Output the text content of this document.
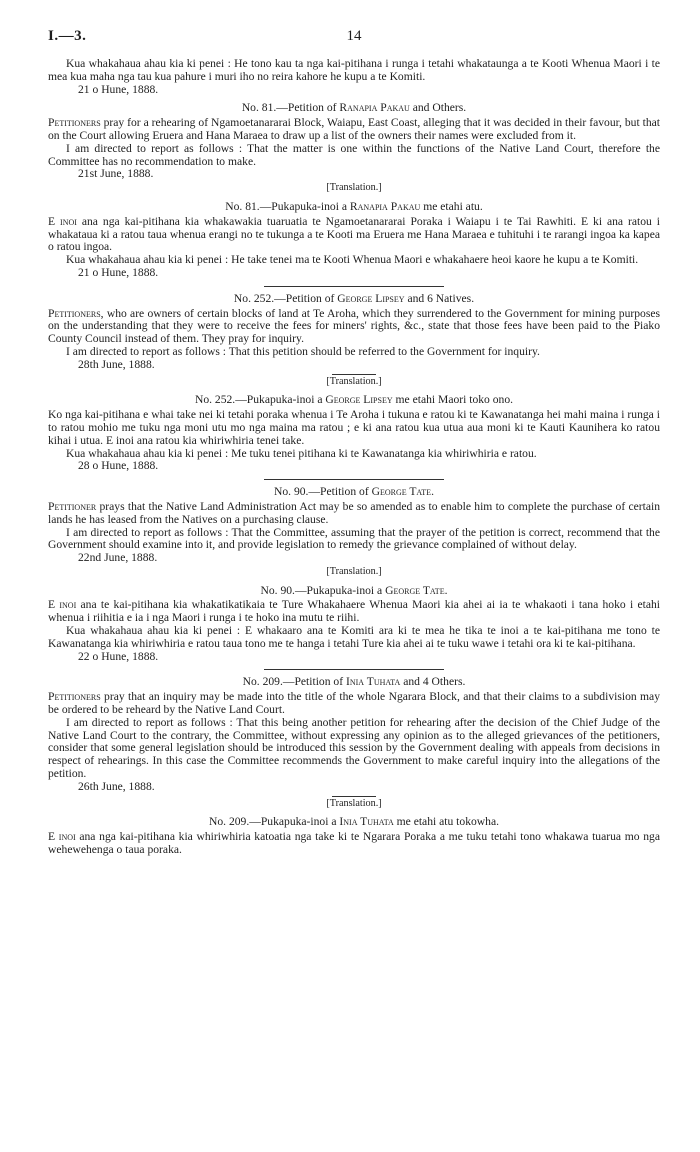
I.—3.	14

Kua whakahaua ahau kia ki penei : He tono kau ta nga kai-pitihana i runga i tetahi whakataunga a te Kooti Whenua Maori i te mea kua maha nga tau kua pahure i muri iho no reira kahore he kupu a te Komiti.

21 o Hune, 1888.

No. 81.—Petition of Ranapia Pakau and Others.

Petitioners pray for a rehearing of Ngamoetanararai Block, Waiapu, East Coast, alleging that it was decided in their favour, but that on the Court allowing Eruera and Hana Maraea to draw up a list of the owners their names were excluded from it.

I am directed to report as follows : That the matter is one within the functions of the Native Land Court, therefore the Committee has no recommendation to make.

21st June, 1888.

[Translation.]
No. 81.—Pukapuka-inoi a Ranapia Pakau me etahi atu.

E inoi ana nga kai-pitihana kia whakawakia tuaruatia te Ngamoetanararai Poraka i Waiapu i te Tai Rawhiti. E ki ana ratou i whakataua ki a ratou taua whenua erangi no te tukunga a te Kooti ma Eruera me Hana Maraea e tuhituhi i te rarangi ingoa ka kapea o ratou ingoa.

Kua whakahaua ahau kia ki penei : He take tenei ma te Kooti Whenua Maori e whakahaere heoi kaore he kupu a te Komiti.

21 o Hune, 1888.

No. 252.—Petition of George Lipsey and 6 Natives.

Petitioners, who are owners of certain blocks of land at Te Aroha, which they surrendered to the Government for mining purposes on the understanding that they were to receive the fees for miners' rights, &c., state that those fees have been paid to the Piako County Council instead of them. They pray for inquiry.

I am directed to report as follows : That this petition should be referred to the Government for inquiry.

28th June, 1888.

[Translation.]
No. 252.—Pukapuka-inoi a George Lipsey me etahi Maori toko ono.

Ko nga kai-pitihana e whai take nei ki tetahi poraka whenua i Te Aroha i tukuna e ratou ki te Kawanatanga hei mahi maina i runga i to ratou mohio me tuku nga moni utu mo nga maina ma ratou ; e ki ana ratou kua utua aua moni ki te Kauti Kaunihera ko ratou kihai i utua. E inoi ana ratou kia whiriwhiria tenei take.

Kua whakahaua ahau kia ki penei : Me tuku tenei pitihana ki te Kawanatanga kia whiriwhiria e ratou.

28 o Hune, 1888.

No. 90.—Petition of George Tate.

Petitioner prays that the Native Land Administration Act may be so amended as to enable him to complete the purchase of certain lands he has leased from the Natives on a purchasing clause.

I am directed to report as follows : That the Committee, assuming that the prayer of the petition is correct, recommend that the Government should examine into it, and provide legislation to remedy the grievance complained of without delay.

22nd June, 1888.

[Translation.]
No. 90.—Pukapuka-inoi a George Tate.

E inoi ana te kai-pitihana kia whakatikatikaia te Ture Whakahaere Whenua Maori kia ahei ai ia te whakaoti i tana hoko i etahi whenua i riihitia e ia i nga Maori i runga i te hoko ina mutu te riihi.

Kua whakahaua ahau kia ki penei : E whakaaro ana te Komiti ara ki te mea he tika te inoi a te kai-pitihana me tono te Kawanatanga kia whiriwhiria e ratou taua tono me te hanga i tetahi Ture kia ahei ai te tuku wawe i tetahi ora ki te kai-pitihana.

22 o Hune, 1888.

No. 209.—Petition of Inia Tuhata and 4 Others.

Petitioners pray that an inquiry may be made into the title of the whole Ngarara Block, and that their claims to a subdivision may be ordered to be reheard by the Native Land Court.

I am directed to report as follows : That this being another petition for rehearing after the decision of the Chief Judge of the Native Land Court to the contrary, the Committee, without expressing any opinion as to the alleged grievances of the petitioners, consider that some general legislation should be introduced this session by the Government dealing with appeals from decisions in respect of rehearings. In this case the Committee recommends the Government to make careful inquiry into the allegations of the petition.

26th June, 1888.

[Translation.]
No. 209.—Pukapuka-inoi a Inia Tuhata me etahi atu tokowha.

E inoi ana nga kai-pitihana kia whiriwhiria katoatia nga take ki te Ngarara Poraka a me tuku tetahi tono whakawa tuarua mo nga wehewehenga o taua poraka.
